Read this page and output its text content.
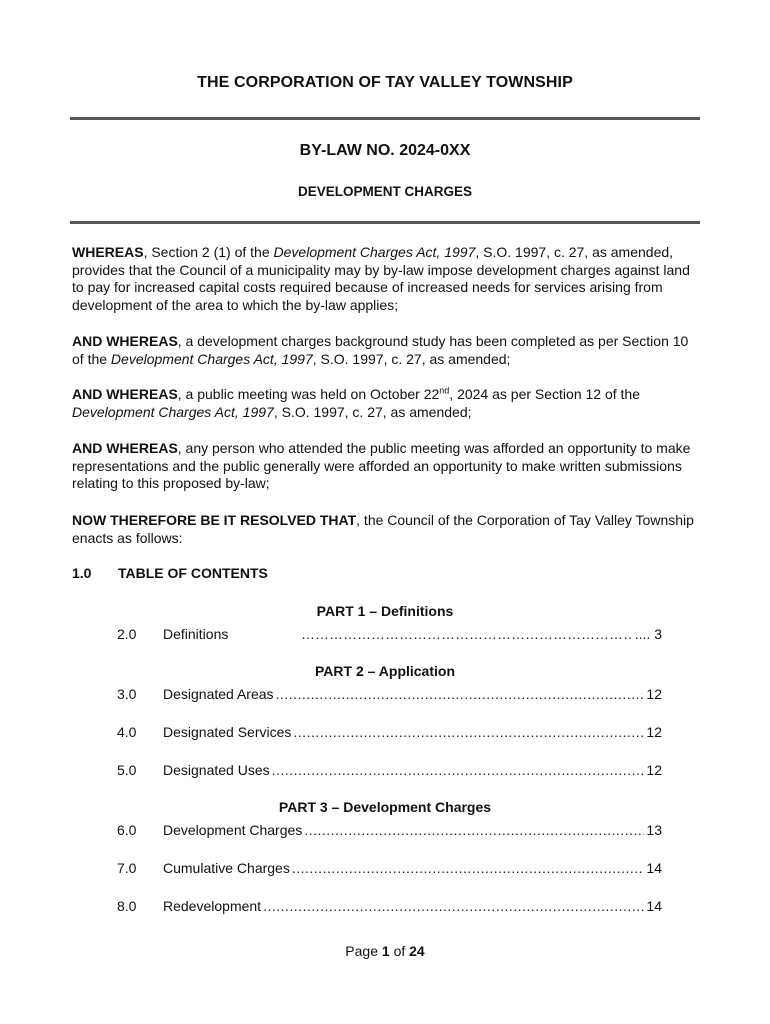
THE CORPORATION OF TAY VALLEY TOWNSHIP
BY-LAW NO. 2024-0XX
DEVELOPMENT CHARGES
WHEREAS, Section 2 (1) of the Development Charges Act, 1997, S.O. 1997, c. 27, as amended, provides that the Council of a municipality may by by-law impose development charges against land to pay for increased capital costs required because of increased needs for services arising from development of the area to which the by-law applies;
AND WHEREAS, a development charges background study has been completed as per Section 10 of the Development Charges Act, 1997, S.O. 1997, c. 27, as amended;
AND WHEREAS, a public meeting was held on October 22nd, 2024 as per Section 12 of the Development Charges Act, 1997, S.O. 1997, c. 27, as amended;
AND WHEREAS, any person who attended the public meeting was afforded an opportunity to make representations and the public generally were afforded an opportunity to make written submissions relating to this proposed by-law;
NOW THEREFORE BE IT RESOLVED THAT, the Council of the Corporation of Tay Valley Township enacts as follows:
1.0 TABLE OF CONTENTS
PART 1 – Definitions
2.0 Definitions ……………………………………………………………………………………………………………………………………	.... 3
PART 2 – Application
3.0 Designated Areas .....	12
4.0 Designated Services .....	12
5.0 Designated Uses .....	12
PART 3 – Development Charges
6.0 Development Charges .....	13
7.0 Cumulative Charges .....	14
8.0 Redevelopment .....	14
Page 1 of 24
